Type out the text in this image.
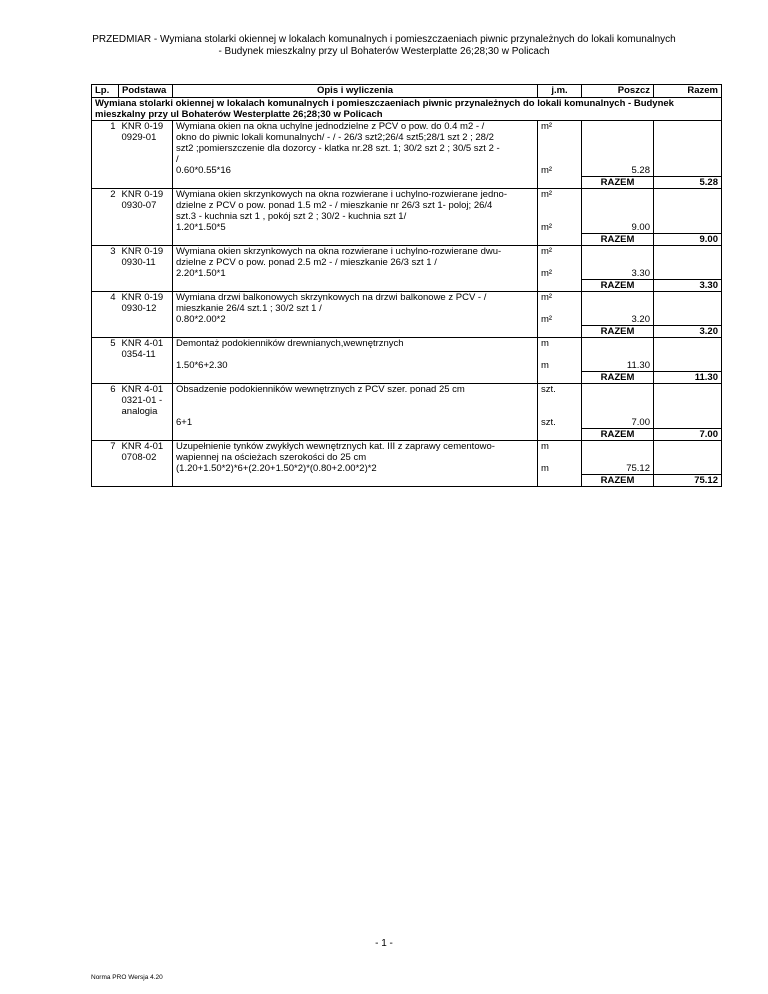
PRZEDMIAR - Wymiana stolarki okiennej w lokalach komunalnych i pomieszczaeniach piwnic przynależnych do lokali komunalnych
- Budynek mieszkalny przy ul Bohaterów Westerplatte 26;28;30 w Policach
Lp.	Podstawa	Opis i wyliczenia	j.m.	Poszcz	Razem
Wymiana stolarki okiennej w lokalach komunalnych i pomieszczaeniach piwnic przynależnych do lokali komunalnych - Budynek mieszkalny przy ul Bohaterów Westerplatte 26;28;30 w Policach					
1	KNR 0-19
0929-01	Wymiana okien na okna uchylne jednodzielne z PCV o pow. do 0.4 m2 - /
okno do piwnic lokali komunalnych/ - / - 26/3 szt2;26/4 szt5;28/1 szt 2 ; 28/2
szt2 ;pomierszczenie dla dozorcy - klatka nr.28 szt. 1; 30/2 szt 2 ; 30/5 szt 2 -
/	m²		
		0.60*0.55*16	m²	5.28	
				RAZEM	5.28
2	KNR 0-19
0930-07	Wymiana okien skrzynkowych na okna rozwierane i uchylno-rozwierane jedno-
dzielne z PCV o pow. ponad 1.5 m2 - / mieszkanie nr 26/3 szt 1- poloj; 26/4
szt.3 - kuchnia szt 1 , pokój szt 2 ; 30/2 - kuchnia szt 1/	m²		
		1.20*1.50*5	m²	9.00	
				RAZEM	9.00
3	KNR 0-19
0930-11	Wymiana okien skrzynkowych na okna rozwierane i uchylno-rozwierane dwu-
dzielne z PCV o pow. ponad 2.5 m2 - / mieszkanie 26/3 szt 1 /	m²		
		2.20*1.50*1	m²	3.30	
				RAZEM	3.30
4	KNR 0-19
0930-12	Wymiana drzwi balkonowych skrzynkowych na drzwi balkonowe z PCV - /
mieszkanie 26/4 szt.1 ; 30/2 szt 1 /	m²		
		0.80*2.00*2	m²	3.20	
				RAZEM	3.20
5	KNR 4-01
0354-11	Demontaż podokienników drewnianych,wewnętrznych	m		
		1.50*6+2.30	m	11.30	
				RAZEM	11.30
6	KNR 4-01
0321-01 -
analogia	Obsadzenie podokienników wewnętrznych z PCV szer. ponad 25 cm	szt.		
		6+1	szt.	7.00	
				RAZEM	7.00
7	KNR 4-01
0708-02	Uzupełnienie tynków zwykłych wewnętrznych kat. III z zaprawy cementowo-
wapiennej na ościeżach szerokości do 25 cm	m		
		(1.20+1.50*2)*6+(2.20+1.50*2)*(0.80+2.00*2)*2	m	75.12	
				RAZEM	75.12
- 1 -
Norma PRO Wersja 4.20
